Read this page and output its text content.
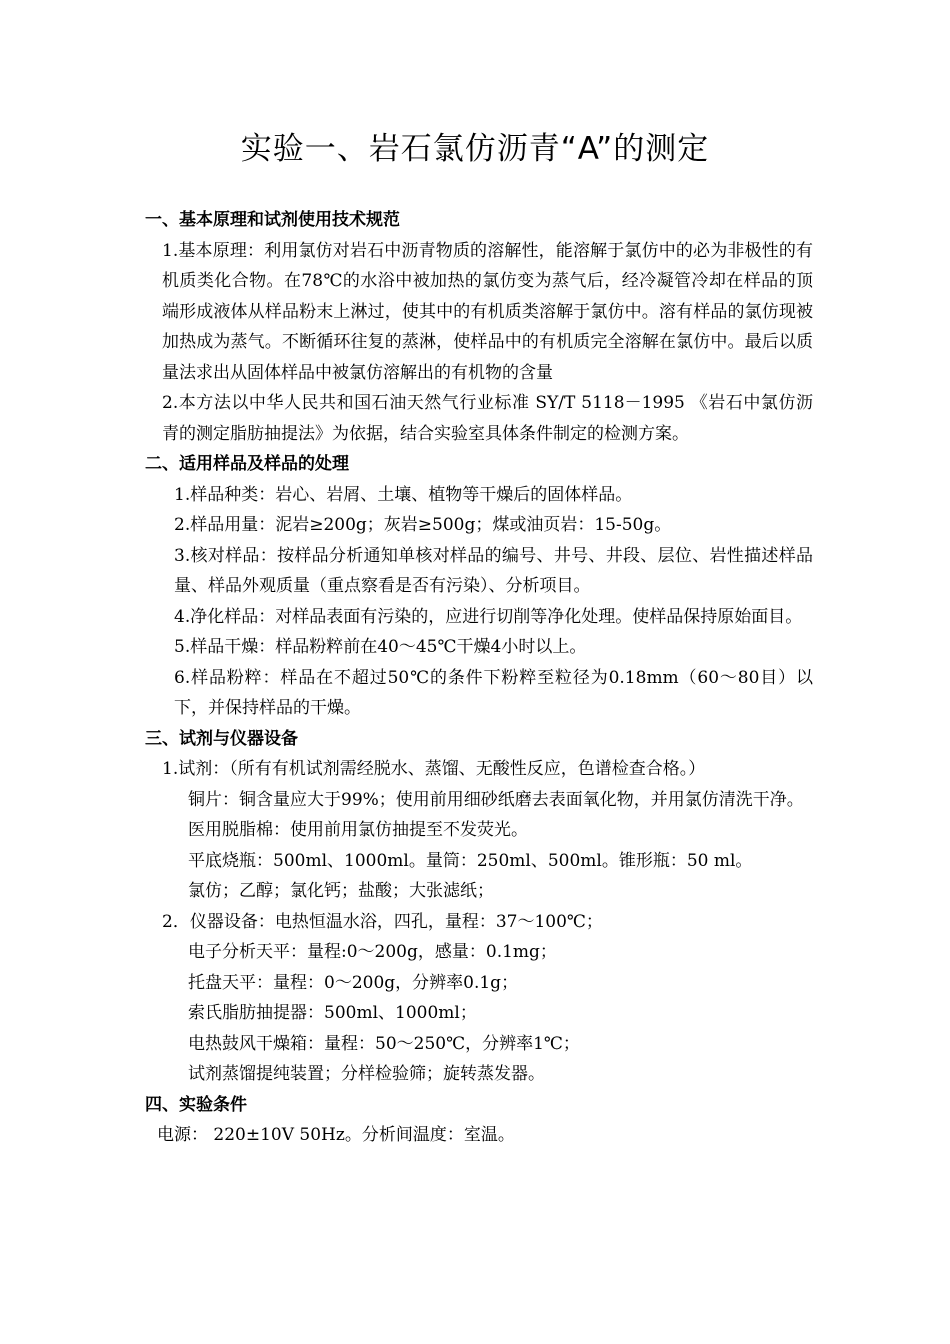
实验一、岩石氯仿沥青“A”的测定
一、基本原理和试剂使用技术规范
1.基本原理：利用氯仿对岩石中沥青物质的溶解性，能溶解于氯仿中的必为非极性的有机质类化合物。在78℃的水浴中被加热的氯仿变为蒸气后，经冷凝管冷却在样品的顶端形成液体从样品粉末上淋过，使其中的有机质类溶解于氯仿中。溶有样品的氯仿现被加热成为蒸气。不断循环往复的蒸淋，使样品中的有机质完全溶解在氯仿中。最后以质量法求出从固体样品中被氯仿溶解出的有机物的含量
2.本方法以中华人民共和国石油天然气行业标准 SY/T 5118－1995 《岩石中氯仿沥青的测定脂肪抽提法》为依据，结合实验室具体条件制定的检测方案。
二、适用样品及样品的处理
1.样品种类：岩心、岩屑、土壤、植物等干燥后的固体样品。
2.样品用量：泥岩≥200g；灰岩≥500g；煤或油页岩：15-50g。
3.核对样品：按样品分析通知单核对样品的编号、井号、井段、层位、岩性描述样品量、样品外观质量（重点察看是否有污染）、分析项目。
4.净化样品：对样品表面有污染的，应进行切削等净化处理。使样品保持原始面目。
5.样品干燥：样品粉粹前在40～45℃干燥4小时以上。
6.样品粉粹：样品在不超过50℃的条件下粉粹至粒径为0.18mm（60～80目）以下，并保持样品的干燥。
三、试剂与仪器设备
1.试剂：（所有有机试剂需经脱水、蒸馏、无酸性反应，色谱检查合格。）
铜片：铜含量应大于99%；使用前用细砂纸磨去表面氧化物，并用氯仿清洗干净。
医用脱脂棉：使用前用氯仿抽提至不发荧光。
平底烧瓶：500ml、1000ml。量筒：250ml、500ml。锥形瓶：50 ml。
氯仿；乙醇；氯化钙；盐酸；大张滤纸；
2．仪器设备：电热恒温水浴，四孔，量程：37～100℃；
电子分析天平：量程:0～200g，感量：0.1mg；
托盘天平：量程：0～200g，分辨率0.1g；
索氏脂肪抽提器：500ml、1000ml；
电热鼓风干燥箱：量程：50～250℃，分辨率1℃；
试剂蒸馏提纯装置；分样检验筛；旋转蒸发器。
四、实验条件
电源： 220±10V 50Hz。分析间温度：室温。
